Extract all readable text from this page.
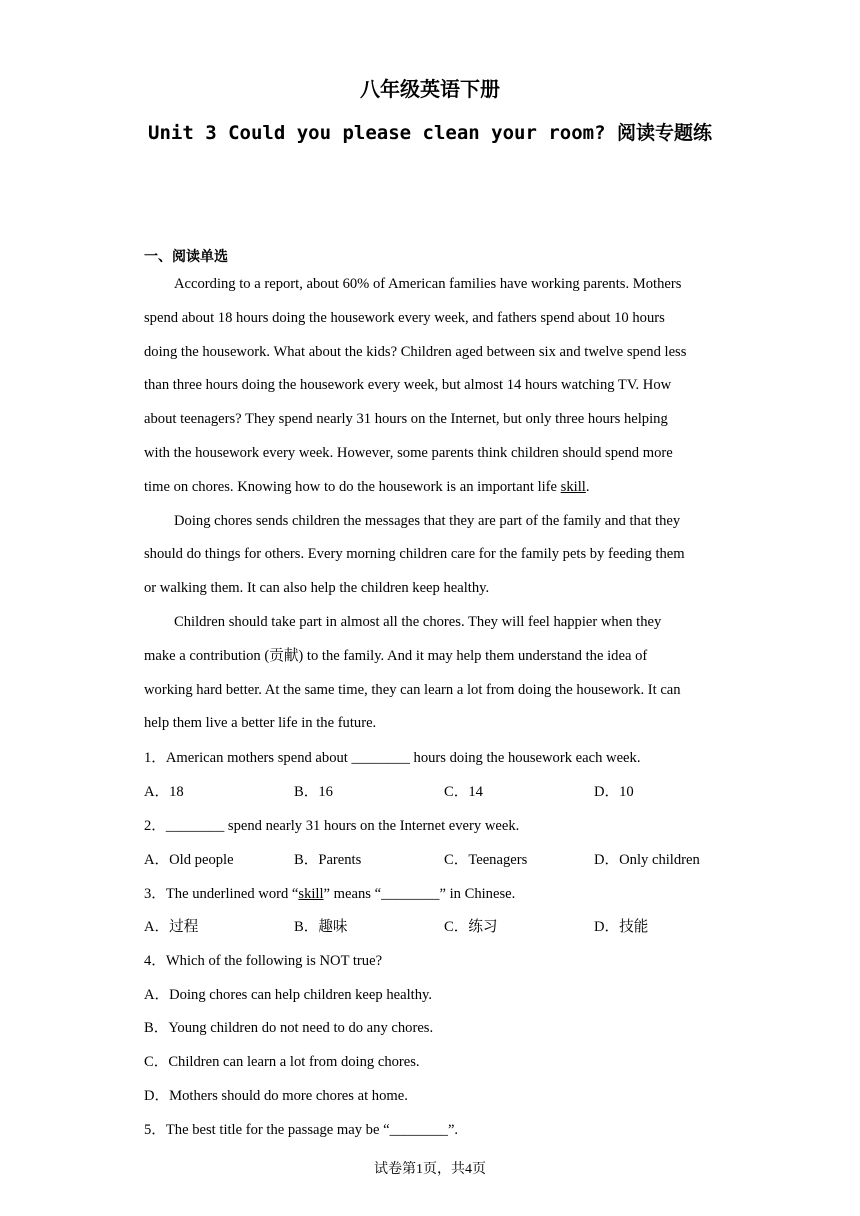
八年级英语下册
Unit 3 Could you please clean your room? 阅读专题练
一、阅读单选

According to a report, about 60% of American families have working parents. Mothers
spend about 18 hours doing the housework every week, and fathers spend about 10 hours
doing the housework. What about the kids? Children aged between six and twelve spend less
than three hours doing the housework every week, but almost 14 hours watching TV. How
about teenagers? They spend nearly 31 hours on the Internet, but only three hours helping
with the housework every week. However, some parents think children should spend more
time on chores. Knowing how to do the housework is an important life skill.

Doing chores sends children the messages that they are part of the family and that they
should do things for others. Every morning children care for the family pets by feeding them
or walking them. It can also help the children keep healthy.

Children should take part in almost all the chores. They will feel happier when they
make a contribution (贡献) to the family. And it may help them understand the idea of
working hard better. At the same time, they can learn a lot from doing the housework. It can
help them live a better life in the future.

1．American mothers spend about ________ hours doing the housework each week.
A．18	B．16	C．14	D．10
2．________ spend nearly 31 hours on the Internet every week.
A．Old people	B．Parents	C．Teenagers	D．Only children
3．The underlined word “skill” means “________” in Chinese.
A．过程	B．趣味	C．练习	D．技能
4．Which of the following is NOT true?
A．Doing chores can help children keep healthy.
B．Young children do not need to do any chores.
C．Children can learn a lot from doing chores.
D．Mothers should do more chores at home.
5．The best title for the passage may be “________”.
试卷第1页，共4页
